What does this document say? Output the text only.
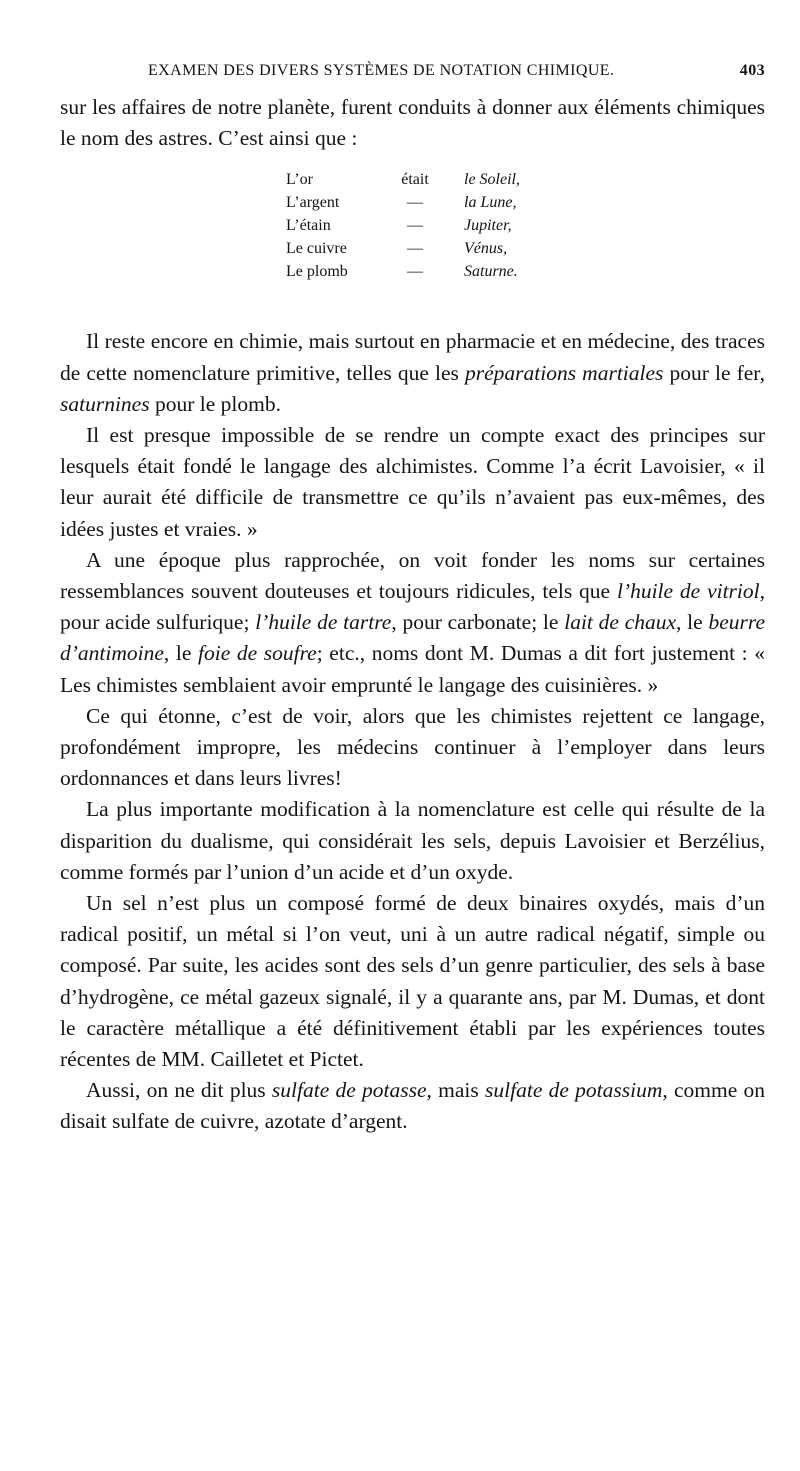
EXAMEN DES DIVERS SYSTÈMES DE NOTATION CHIMIQUE.	403

sur les affaires de notre planète, furent conduits à donner aux éléments chimiques le nom des astres. C’est ainsi que :

L’or	était	le Soleil,
L’argent	—	la Lune,
L’étain	—	Jupiter,
Le cuivre	—	Vénus,
Le plomb	—	Saturne.

Il reste encore en chimie, mais surtout en pharmacie et en médecine, des traces de cette nomenclature primitive, telles que les préparations martiales pour le fer, saturnines pour le plomb.

Il est presque impossible de se rendre un compte exact des principes sur lesquels était fondé le langage des alchimistes. Comme l’a écrit Lavoisier, « il leur aurait été difficile de transmettre ce qu’ils n’avaient pas eux-mêmes, des idées justes et vraies. »

A une époque plus rapprochée, on voit fonder les noms sur certaines ressemblances souvent douteuses et toujours ridicules, tels que l’huile de vitriol, pour acide sulfurique; l’huile de tartre, pour carbonate; le lait de chaux, le beurre d’antimoine, le foie de soufre; etc., noms dont M. Dumas a dit fort justement : « Les chimistes semblaient avoir emprunté le langage des cuisinières. »

Ce qui étonne, c’est de voir, alors que les chimistes rejettent ce langage, profondément impropre, les médecins continuer à l’employer dans leurs ordonnances et dans leurs livres!

La plus importante modification à la nomenclature est celle qui résulte de la disparition du dualisme, qui considérait les sels, depuis Lavoisier et Berzélius, comme formés par l’union d’un acide et d’un oxyde.

Un sel n’est plus un composé formé de deux binaires oxydés, mais d’un radical positif, un métal si l’on veut, uni à un autre radical négatif, simple ou composé. Par suite, les acides sont des sels d’un genre particulier, des sels à base d’hydrogène, ce métal gazeux signalé, il y a quarante ans, par M. Dumas, et dont le caractère métallique a été définitivement établi par les expériences toutes récentes de MM. Cailletet et Pictet.

Aussi, on ne dit plus sulfate de potasse, mais sulfate de potassium, comme on disait sulfate de cuivre, azotate d’argent.
